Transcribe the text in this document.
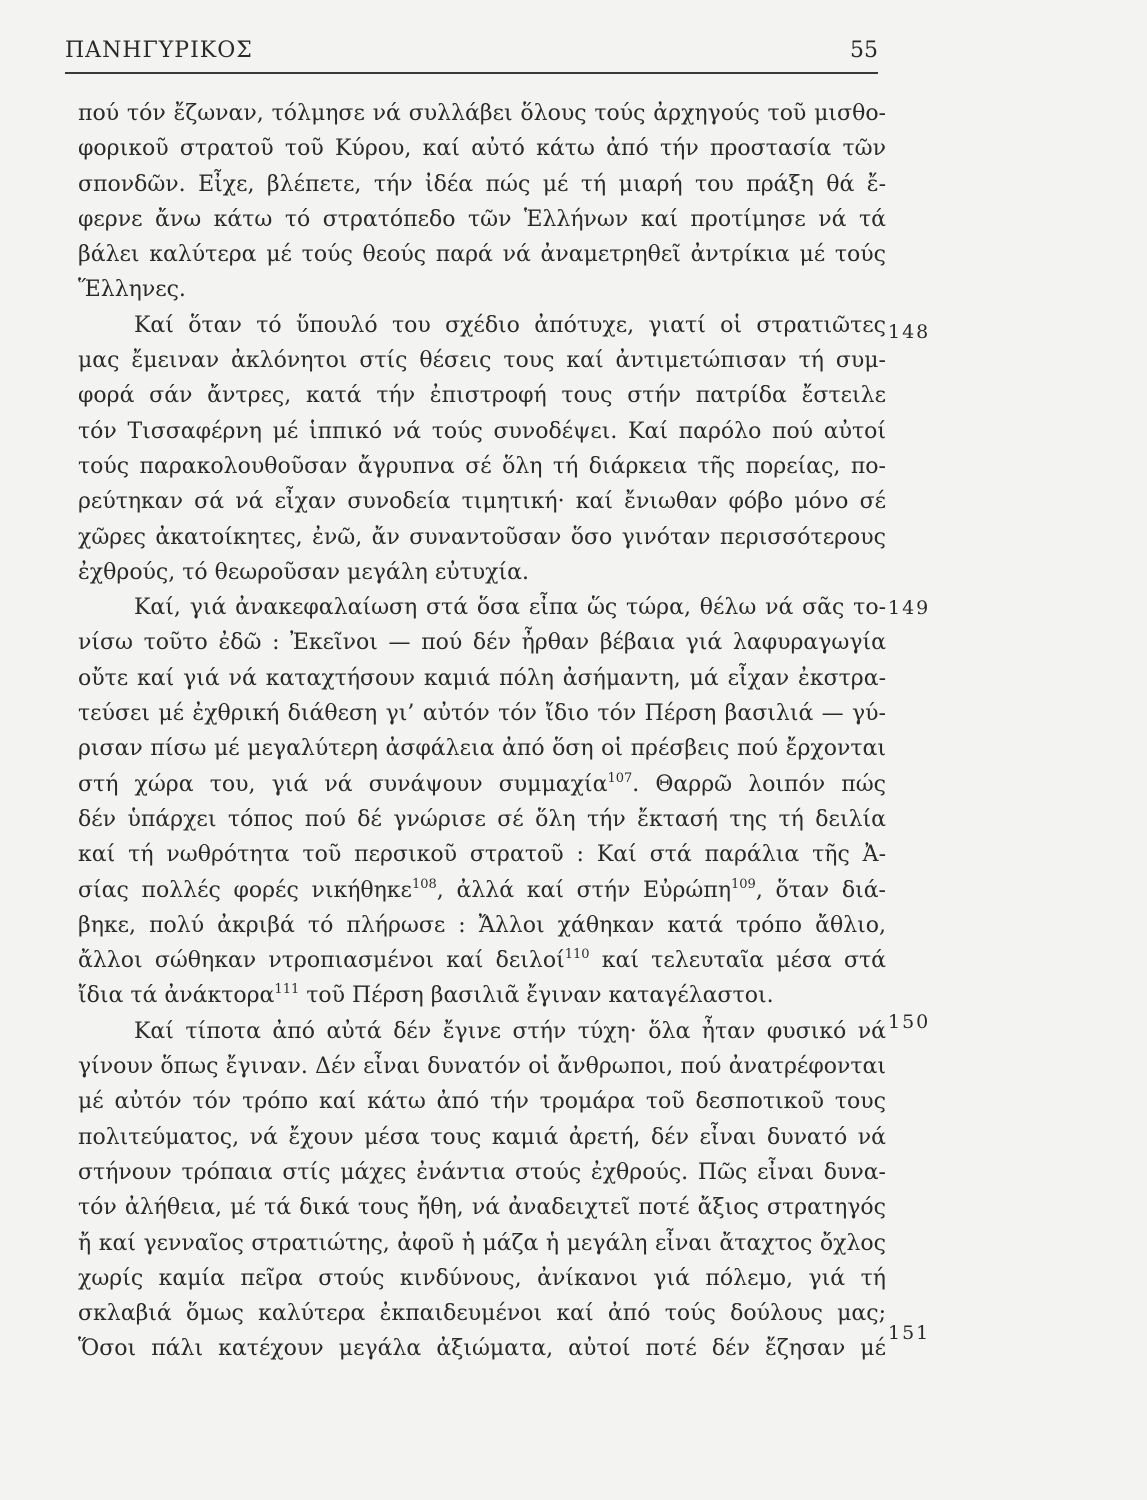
ΠΑΝΗΓΥΡΙΚΟΣ	55
148
149
150
151
πού τόν ἔζωναν, τόλμησε νά συλλάβει ὅλους τούς ἀρχηγούς τοῦ μισθο-
φορικοῦ στρατοῦ τοῦ Κύρου, καί αὐτό κάτω ἀπό τήν προστασία τῶν
σπονδῶν. Εἶχε, βλέπετε, τήν ἰδέα πώς μέ τή μιαρή του πράξη θά ἔ-
φερνε ἄνω κάτω τό στρατόπεδο τῶν Ἑλλήνων καί προτίμησε νά τά
βάλει καλύτερα μέ τούς θεούς παρά νά ἀναμετρηθεῖ ἀντρίκια μέ τούς
Ἕλληνες.
Καί ὅταν τό ὕπουλό του σχέδιο ἀπότυχε, γιατί οἱ στρατιῶτες
μας ἔμειναν ἀκλόνητοι στίς θέσεις τους καί ἀντιμετώπισαν τή συμ-
φορά σάν ἄντρες, κατά τήν ἐπιστροφή τους στήν πατρίδα ἔστειλε
τόν Τισσαφέρνη μέ ἱππικό νά τούς συνοδέψει. Καί παρόλο πού αὐτοί
τούς παρακολουθοῦσαν ἄγρυπνα σέ ὅλη τή διάρκεια τῆς πορείας, πο-
ρεύτηκαν σά νά εἶχαν συνοδεία τιμητική· καί ἔνιωθαν φόβο μόνο σέ
χῶρες ἀκατοίκητες, ἐνῶ, ἄν συναντοῦσαν ὅσο γινόταν περισσότερους
ἐχθρούς, τό θεωροῦσαν μεγάλη εὐτυχία.
Καί, γιά ἀνακεφαλαίωση στά ὅσα εἶπα ὥς τώρα, θέλω νά σᾶς το-
νίσω τοῦτο ἐδῶ : Ἐκεῖνοι — πού δέν ἦρθαν βέβαια γιά λαφυραγωγία
οὔτε καί γιά νά καταχτήσουν καμιά πόλη ἀσήμαντη, μά εἶχαν ἐκστρα-
τεύσει μέ ἐχθρική διάθεση γι’ αὐτόν τόν ἴδιο τόν Πέρση βασιλιά — γύ-
ρισαν πίσω μέ μεγαλύτερη ἀσφάλεια ἀπό ὅση οἱ πρέσβεις πού ἔρχονται
στή χώρα του, γιά νά συνάψουν συμμαχία$^{107}$. Θαρρῶ λοιπόν πώς
δέν ὑπάρχει τόπος πού δέ γνώρισε σέ ὅλη τήν ἔκτασή της τή δειλία
καί τή νωθρότητα τοῦ περσικοῦ στρατοῦ : Καί στά παράλια τῆς Ἀ-
σίας πολλές φορές νικήθηκε$^{108}$, ἀλλά καί στήν Εὐρώπη$^{109}$, ὅταν διά-
βηκε, πολύ ἀκριβά τό πλήρωσε : Ἄλλοι χάθηκαν κατά τρόπο ἄθλιο,
ἄλλοι σώθηκαν ντροπιασμένοι καί δειλοί$^{110}$ καί τελευταῖα μέσα στά
ἴδια τά ἀνάκτορα$^{111}$ τοῦ Πέρση βασιλιᾶ ἔγιναν καταγέλαστοι.
Καί τίποτα ἀπό αὐτά δέν ἔγινε στήν τύχη· ὅλα ἦταν φυσικό νά
γίνουν ὅπως ἔγιναν. Δέν εἶναι δυνατόν οἱ ἄνθρωποι, πού ἀνατρέφονται
μέ αὐτόν τόν τρόπο καί κάτω ἀπό τήν τρομάρα τοῦ δεσποτικοῦ τους
πολιτεύματος, νά ἔχουν μέσα τους καμιά ἀρετή, δέν εἶναι δυνατό νά
στήνουν τρόπαια στίς μάχες ἐνάντια στούς ἐχθρούς. Πῶς εἶναι δυνα-
τόν ἀλήθεια, μέ τά δικά τους ἤθη, νά ἀναδειχτεῖ ποτέ ἄξιος στρατηγός
ἤ καί γενναῖος στρατιώτης, ἀφοῦ ἡ μάζα ἡ μεγάλη εἶναι ἄταχτος ὄχλος
χωρίς καμία πεῖρα στούς κινδύνους, ἀνίκανοι γιά πόλεμο, γιά τή
σκλαβιά ὅμως καλύτερα ἐκπαιδευμένοι καί ἀπό τούς δούλους μας;
Ὅσοι πάλι κατέχουν μεγάλα ἀξιώματα, αὐτοί ποτέ δέν ἔζησαν μέ
